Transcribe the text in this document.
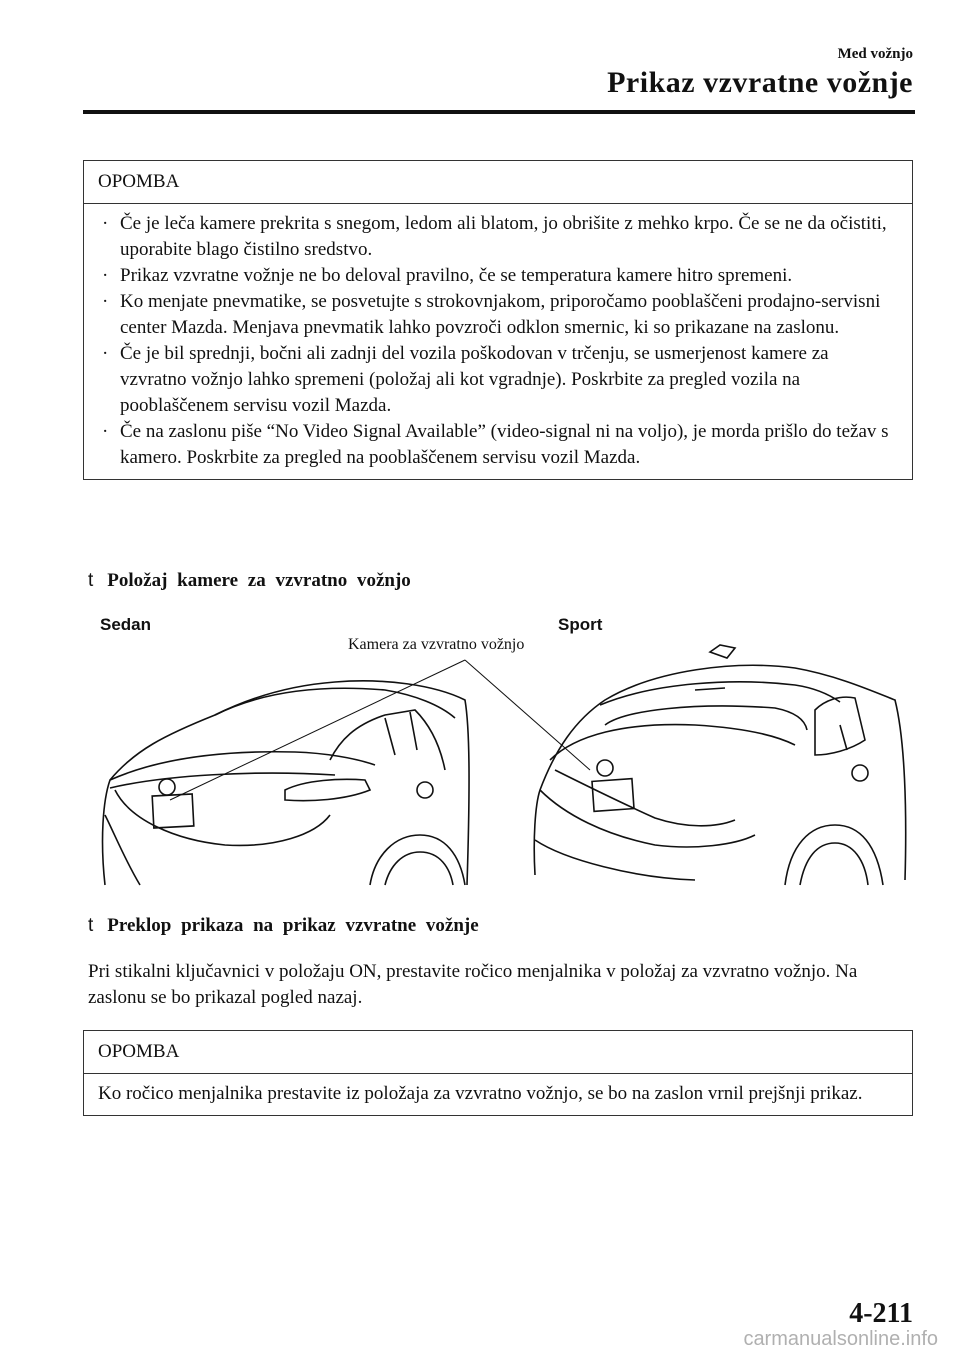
Med vožnjo
Prikaz vzvratne vožnje
OPOMBA
· Če je leča kamere prekrita s snegom, ledom ali blatom, jo obrišite z mehko krpo. Če se ne da očistiti, uporabite blago čistilno sredstvo.
· Prikaz vzvratne vožnje ne bo deloval pravilno, če se temperatura kamere hitro spremeni.
· Ko menjate pnevmatike, se posvetujte s strokovnjakom, priporočamo pooblaščeni prodajno-servisni center Mazda. Menjava pnevmatik lahko povzroči odklon smernic, ki so prikazane na zaslonu.
· Če je bil sprednji, bočni ali zadnji del vozila poškodovan v trčenju, se usmerjenost kamere za vzvratno vožnjo lahko spremeni (položaj ali kot vgradnje). Poskrbite za pregled vozila na pooblaščenem servisu vozil Mazda.
· Če na zaslonu piše “No Video Signal Available” (video-signal ni na voljo), je morda prišlo do težav s kamero. Poskrbite za pregled na pooblaščenem servisu vozil Mazda.
t Položaj kamere za vzvratno vožnjo
Sedan	Sport
Kamera za vzvratno vožnjo
t Preklop prikaza na prikaz vzvratne vožnje
Pri stikalni ključavnici v položaju ON, prestavite ročico menjalnika v položaj za vzvratno vožnjo. Na zaslonu se bo prikazal pogled nazaj.
OPOMBA
Ko ročico menjalnika prestavite iz položaja za vzvratno vožnjo, se bo na zaslon vrnil prejšnji prikaz.
4-211
carmanualsonline.info
